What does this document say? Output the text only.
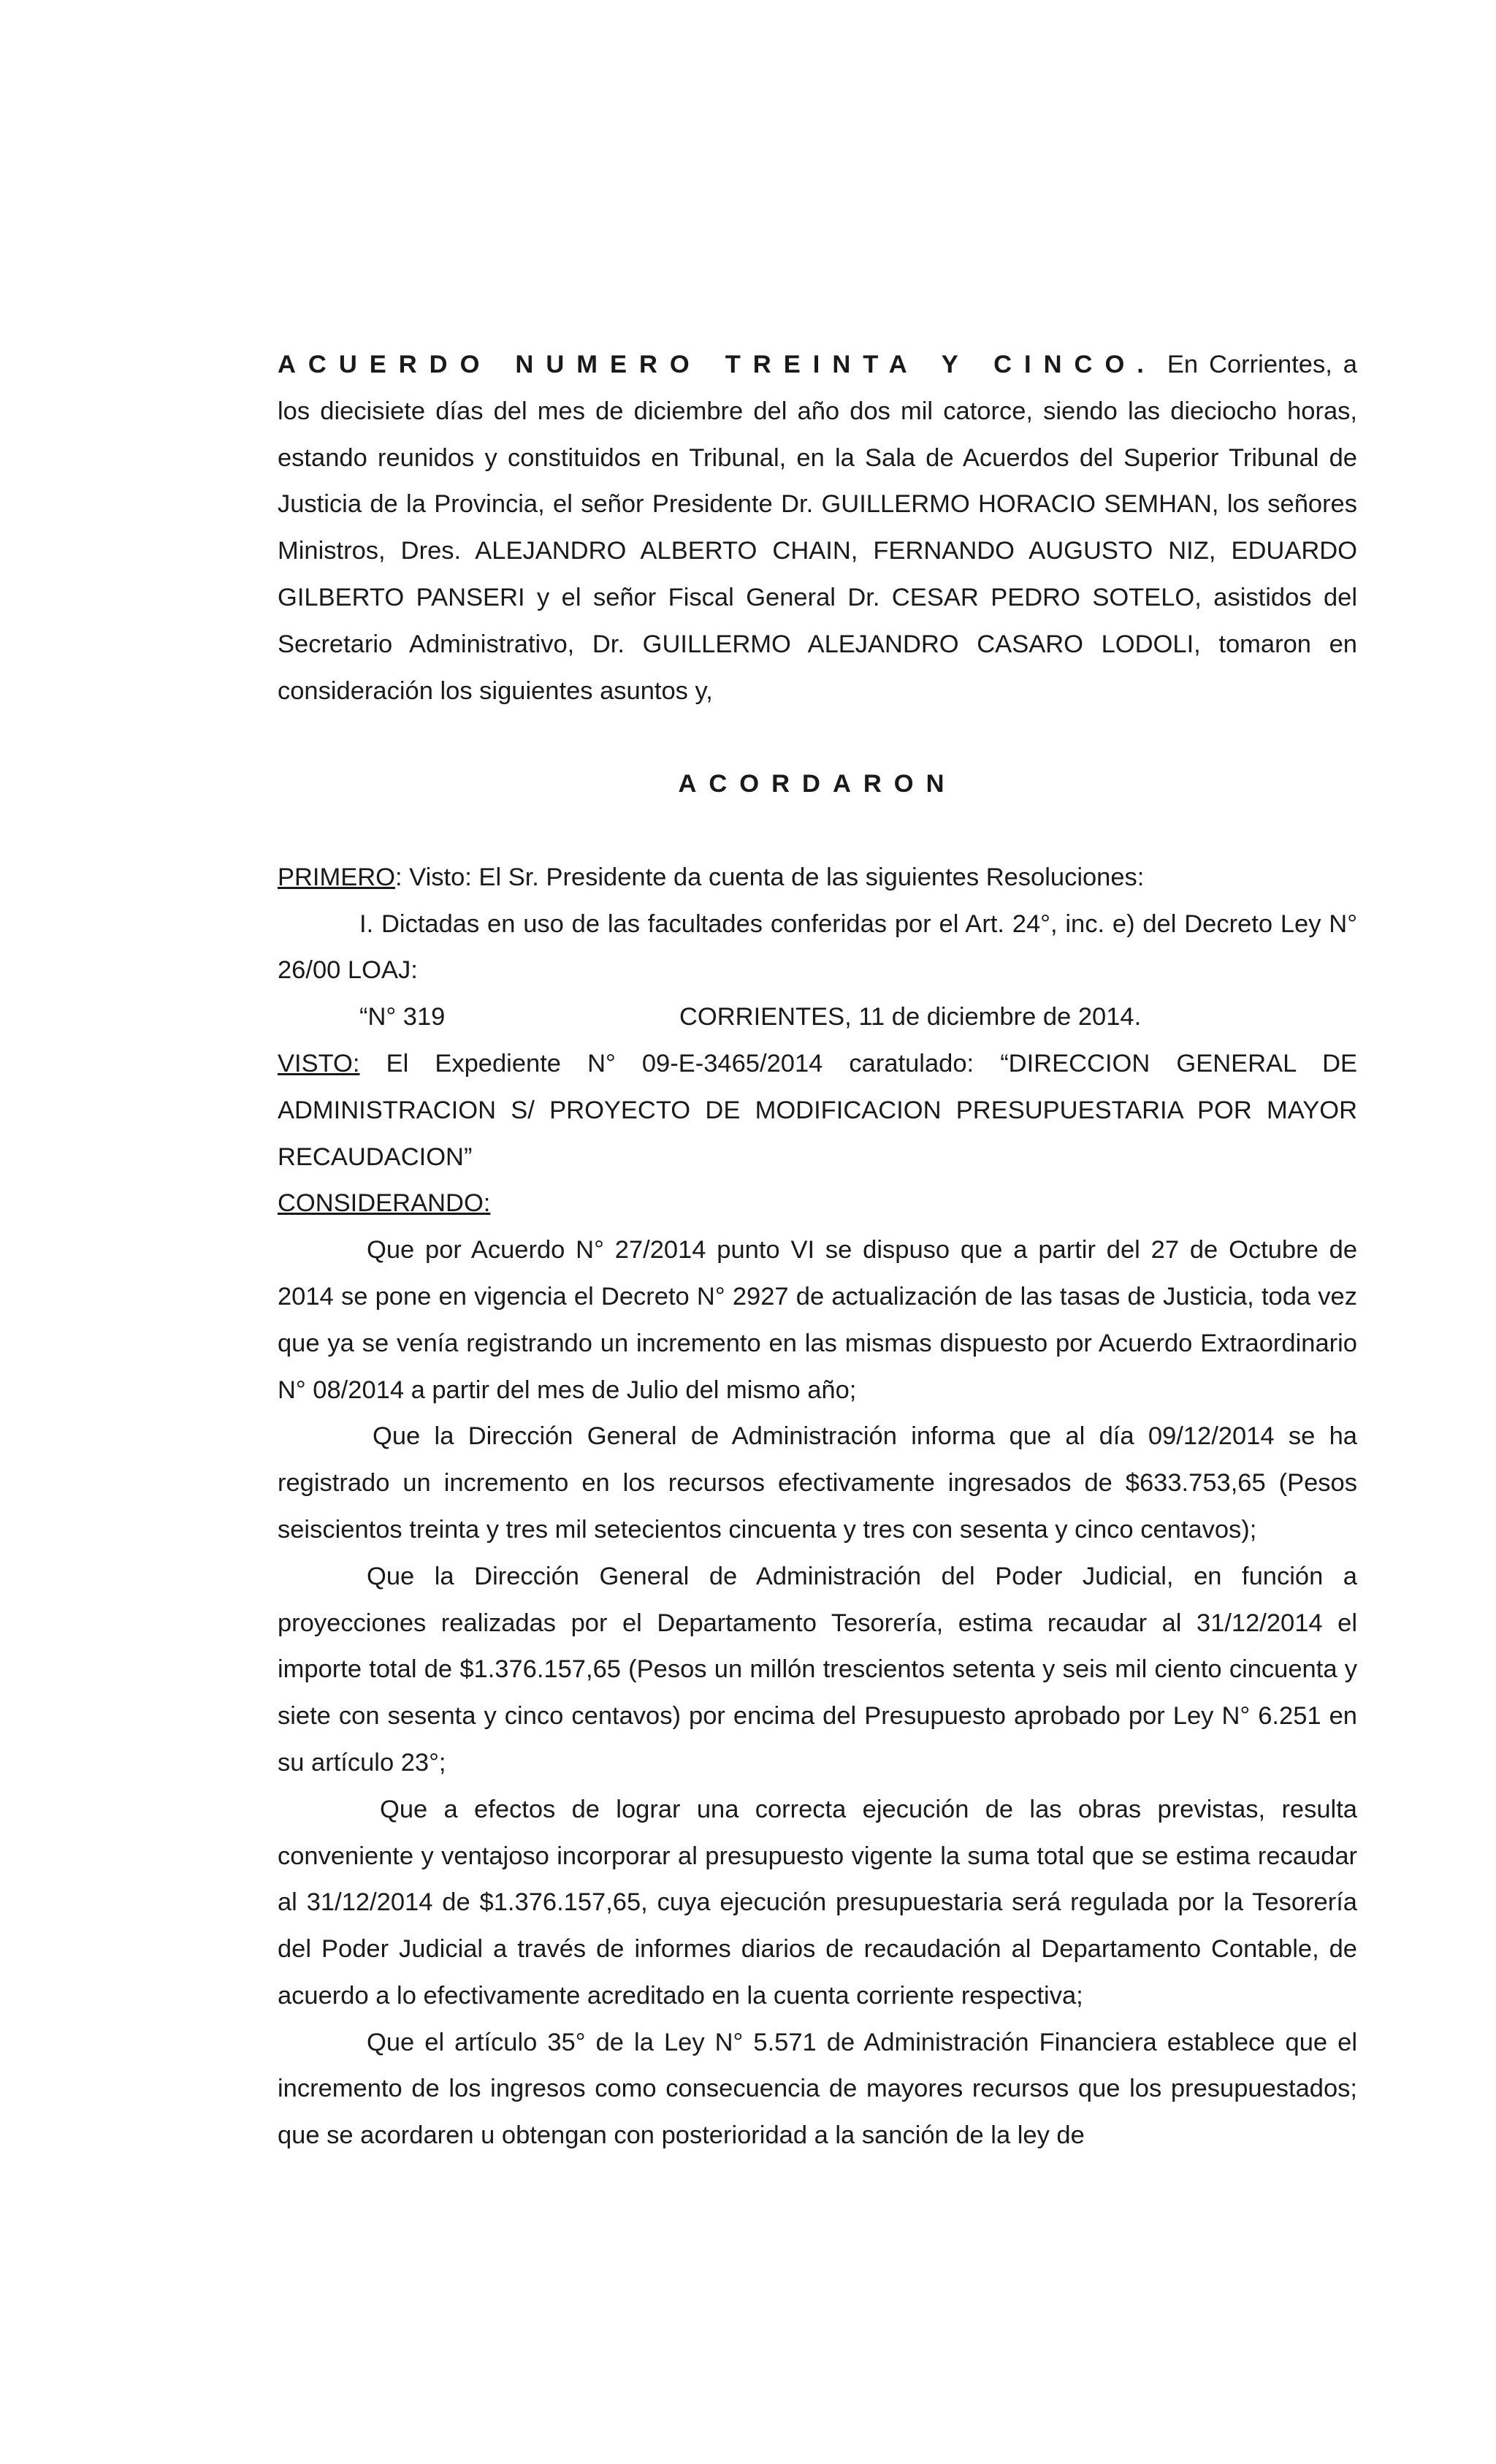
ACUERDO NUMERO TREINTA Y CINCO. En Corrientes, a los diecisiete días del mes de diciembre del año dos mil catorce, siendo las dieciocho horas, estando reunidos y constituidos en Tribunal, en la Sala de Acuerdos del Superior Tribunal de Justicia de la Provincia, el señor Presidente Dr. GUILLERMO HORACIO SEMHAN, los señores Ministros, Dres. ALEJANDRO ALBERTO CHAIN, FERNANDO AUGUSTO NIZ, EDUARDO GILBERTO PANSERI y el señor Fiscal General Dr. CESAR PEDRO SOTELO, asistidos del Secretario Administrativo, Dr. GUILLERMO ALEJANDRO CASARO LODOLI, tomaron en consideración los siguientes asuntos y,

ACORDARON

PRIMERO: Visto: El Sr. Presidente da cuenta de las siguientes Resoluciones:

I. Dictadas en uso de las facultades conferidas por el Art. 24°, inc. e) del Decreto Ley N° 26/00 LOAJ:

“N° 319	CORRIENTES, 11 de diciembre de 2014.

VISTO: El Expediente N° 09-E-3465/2014 caratulado: “DIRECCION GENERAL DE ADMINISTRACION S/ PROYECTO DE MODIFICACION PRESUPUESTARIA POR MAYOR RECAUDACION”

CONSIDERANDO:

Que por Acuerdo N° 27/2014 punto VI se dispuso que a partir del 27 de Octubre de 2014 se pone en vigencia el Decreto N° 2927 de actualización de las tasas de Justicia, toda vez que ya se venía registrando un incremento en las mismas dispuesto por Acuerdo Extraordinario N° 08/2014 a partir del mes de Julio del mismo año;

Que la Dirección General de Administración informa que al día 09/12/2014 se ha registrado un incremento en los recursos efectivamente ingresados de $633.753,65 (Pesos seiscientos treinta y tres mil setecientos cincuenta y tres con sesenta y cinco centavos);

Que la Dirección General de Administración del Poder Judicial, en función a proyecciones realizadas por el Departamento Tesorería, estima recaudar al 31/12/2014 el importe total de $1.376.157,65 (Pesos un millón trescientos setenta y seis mil ciento cincuenta y siete con sesenta y cinco centavos) por encima del Presupuesto aprobado por Ley N° 6.251 en su artículo 23°;

Que a efectos de lograr una correcta ejecución de las obras previstas, resulta conveniente y ventajoso incorporar al presupuesto vigente la suma total que se estima recaudar al 31/12/2014 de $1.376.157,65, cuya ejecución presupuestaria será regulada por la Tesorería del Poder Judicial a través de informes diarios de recaudación al Departamento Contable, de acuerdo a lo efectivamente acreditado en la cuenta corriente respectiva;

Que el artículo 35° de la Ley N° 5.571 de Administración Financiera establece que el incremento de los ingresos como consecuencia de mayores recursos que los presupuestados; que se acordaren u obtengan con posterioridad a la sanción de la ley de
